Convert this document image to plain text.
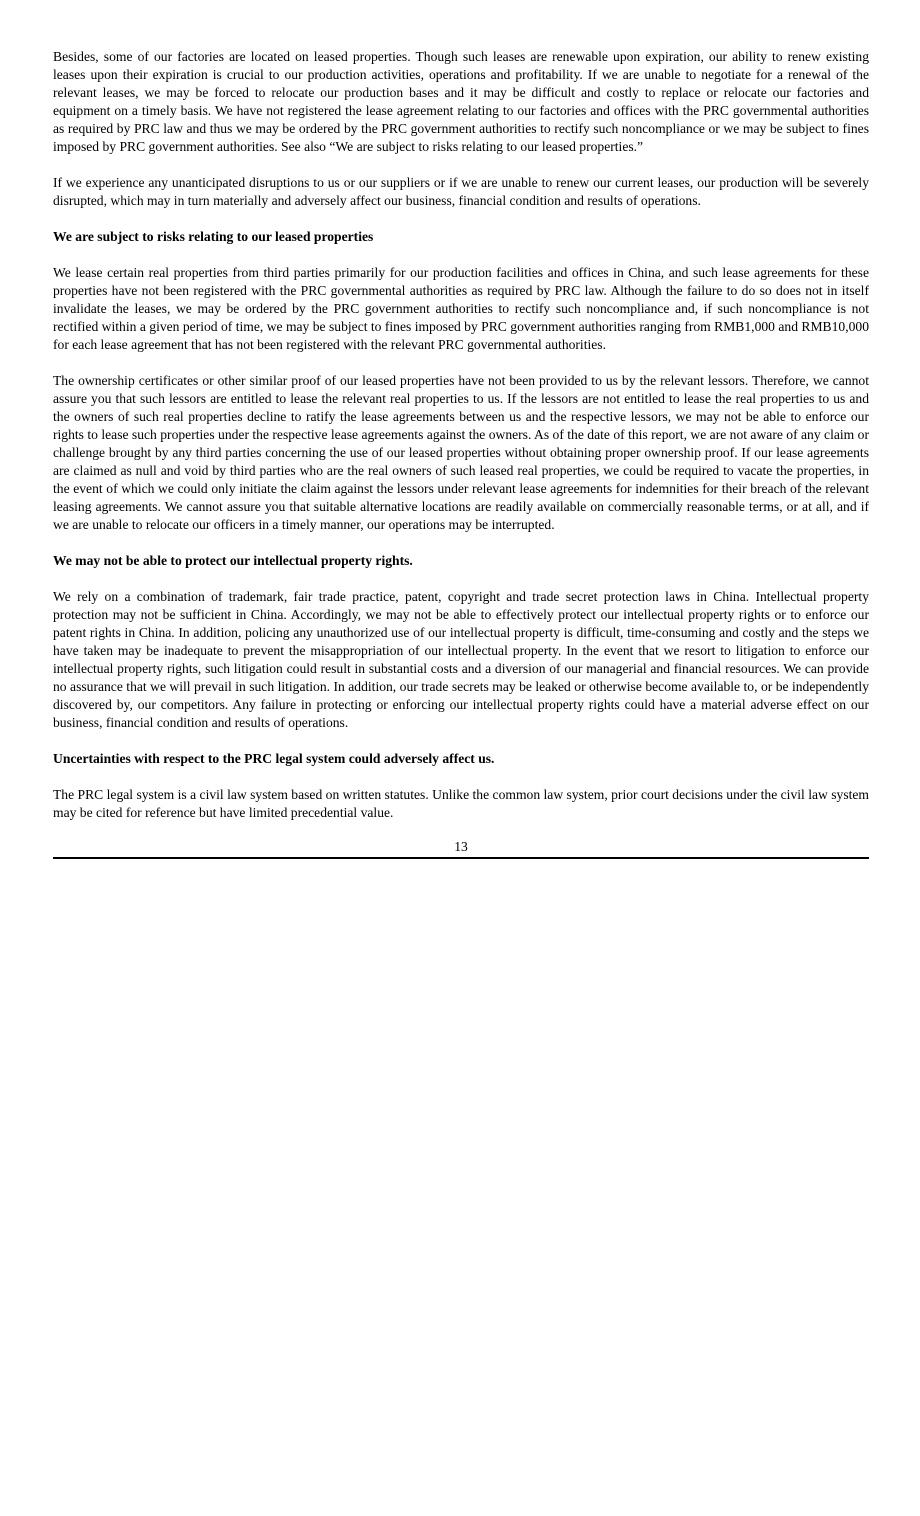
Besides, some of our factories are located on leased properties. Though such leases are renewable upon expiration, our ability to renew existing leases upon their expiration is crucial to our production activities, operations and profitability. If we are unable to negotiate for a renewal of the relevant leases, we may be forced to relocate our production bases and it may be difficult and costly to replace or relocate our factories and equipment on a timely basis. We have not registered the lease agreement relating to our factories and offices with the PRC governmental authorities as required by PRC law and thus we may be ordered by the PRC government authorities to rectify such noncompliance or we may be subject to fines imposed by PRC government authorities. See also “We are subject to risks relating to our leased properties.”

If we experience any unanticipated disruptions to us or our suppliers or if we are unable to renew our current leases, our production will be severely disrupted, which may in turn materially and adversely affect our business, financial condition and results of operations.

We are subject to risks relating to our leased properties

We lease certain real properties from third parties primarily for our production facilities and offices in China, and such lease agreements for these properties have not been registered with the PRC governmental authorities as required by PRC law. Although the failure to do so does not in itself invalidate the leases, we may be ordered by the PRC government authorities to rectify such noncompliance and, if such noncompliance is not rectified within a given period of time, we may be subject to fines imposed by PRC government authorities ranging from RMB1,000 and RMB10,000 for each lease agreement that has not been registered with the relevant PRC governmental authorities.

The ownership certificates or other similar proof of our leased properties have not been provided to us by the relevant lessors. Therefore, we cannot assure you that such lessors are entitled to lease the relevant real properties to us. If the lessors are not entitled to lease the real properties to us and the owners of such real properties decline to ratify the lease agreements between us and the respective lessors, we may not be able to enforce our rights to lease such properties under the respective lease agreements against the owners. As of the date of this report, we are not aware of any claim or challenge brought by any third parties concerning the use of our leased properties without obtaining proper ownership proof. If our lease agreements are claimed as null and void by third parties who are the real owners of such leased real properties, we could be required to vacate the properties, in the event of which we could only initiate the claim against the lessors under relevant lease agreements for indemnities for their breach of the relevant leasing agreements. We cannot assure you that suitable alternative locations are readily available on commercially reasonable terms, or at all, and if we are unable to relocate our officers in a timely manner, our operations may be interrupted.

We may not be able to protect our intellectual property rights.

We rely on a combination of trademark, fair trade practice, patent, copyright and trade secret protection laws in China. Intellectual property protection may not be sufficient in China. Accordingly, we may not be able to effectively protect our intellectual property rights or to enforce our patent rights in China. In addition, policing any unauthorized use of our intellectual property is difficult, time-consuming and costly and the steps we have taken may be inadequate to prevent the misappropriation of our intellectual property. In the event that we resort to litigation to enforce our intellectual property rights, such litigation could result in substantial costs and a diversion of our managerial and financial resources. We can provide no assurance that we will prevail in such litigation. In addition, our trade secrets may be leaked or otherwise become available to, or be independently discovered by, our competitors. Any failure in protecting or enforcing our intellectual property rights could have a material adverse effect on our business, financial condition and results of operations.

Uncertainties with respect to the PRC legal system could adversely affect us.

The PRC legal system is a civil law system based on written statutes. Unlike the common law system, prior court decisions under the civil law system may be cited for reference but have limited precedential value.

13
